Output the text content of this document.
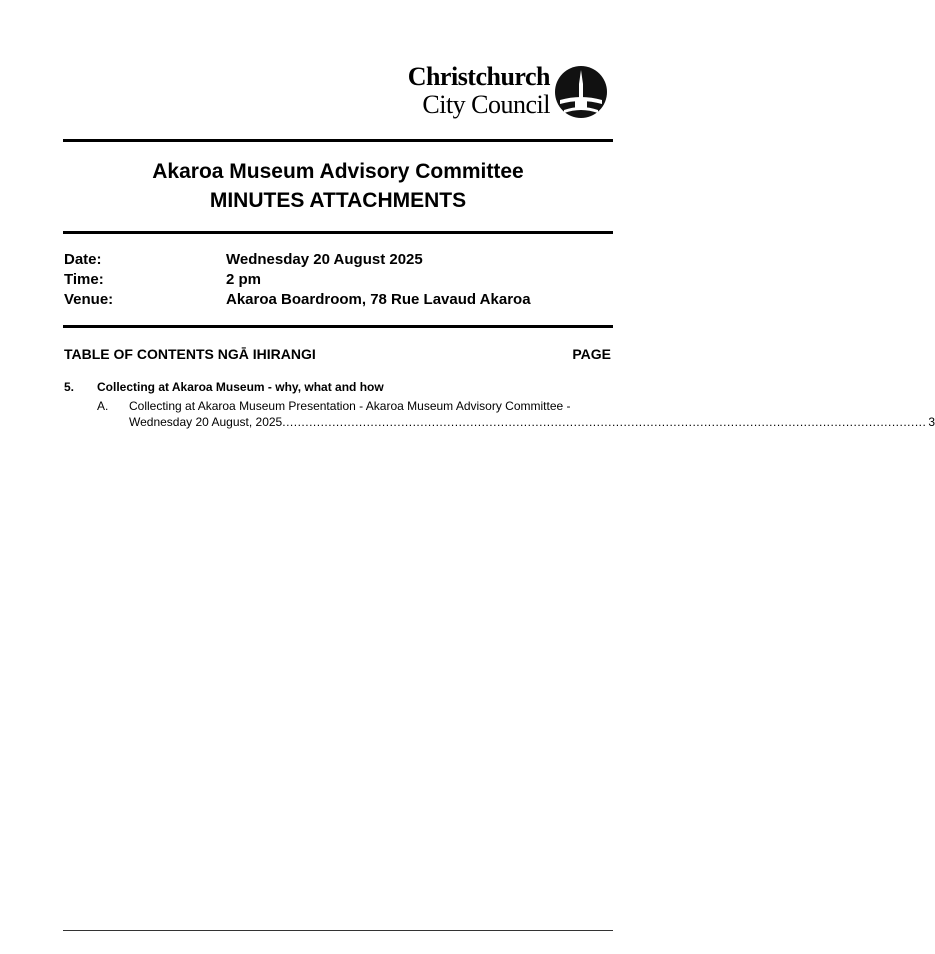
Christchurch
City Council
Akaroa Museum Advisory Committee
MINUTES ATTACHMENTS
Date:	Wednesday 20 August 2025
Time:	2 pm
Venue:	Akaroa Boardroom, 78 Rue Lavaud Akaroa
TABLE OF CONTENTS NGĀ IHIRANGI	PAGE
5. Collecting at Akaroa Museum - why, what and how
A. Collecting at Akaroa Museum Presentation - Akaroa Museum Advisory Committee -
Wednesday 20 August, 2025 ........................................................................................................................................................................ 3
